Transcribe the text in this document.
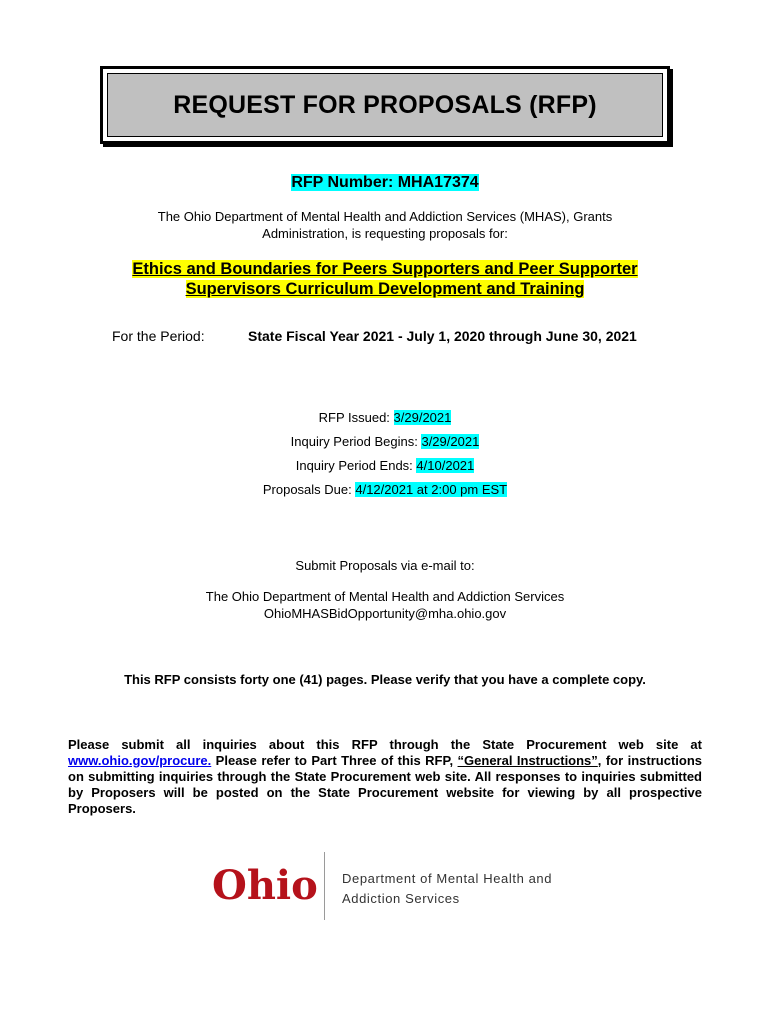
REQUEST FOR PROPOSALS (RFP)
RFP Number: MHA17374
The Ohio Department of Mental Health and Addiction Services (MHAS), Grants
Administration, is requesting proposals for:
Ethics and Boundaries for Peers Supporters and Peer Supporter
Supervisors Curriculum Development and Training
For the Period:	State Fiscal Year 2021 - July 1, 2020 through June 30, 2021
RFP Issued: 3/29/2021
Inquiry Period Begins: 3/29/2021
Inquiry Period Ends: 4/10/2021
Proposals Due: 4/12/2021 at 2:00 pm EST
Submit Proposals via e-mail to:
The Ohio Department of Mental Health and Addiction Services
OhioMHASBidOpportunity@mha.ohio.gov
This RFP consists forty one (41) pages. Please verify that you have a complete copy.
Please submit all inquiries about this RFP through the State Procurement web site at www.ohio.gov/procure. Please refer to Part Three of this RFP, “General Instructions”, for instructions on submitting inquiries through the State Procurement web site. All responses to inquiries submitted by Proposers will be posted on the State Procurement website for viewing by all prospective Proposers.
Ohio Department of Mental Health and
Addiction Services
